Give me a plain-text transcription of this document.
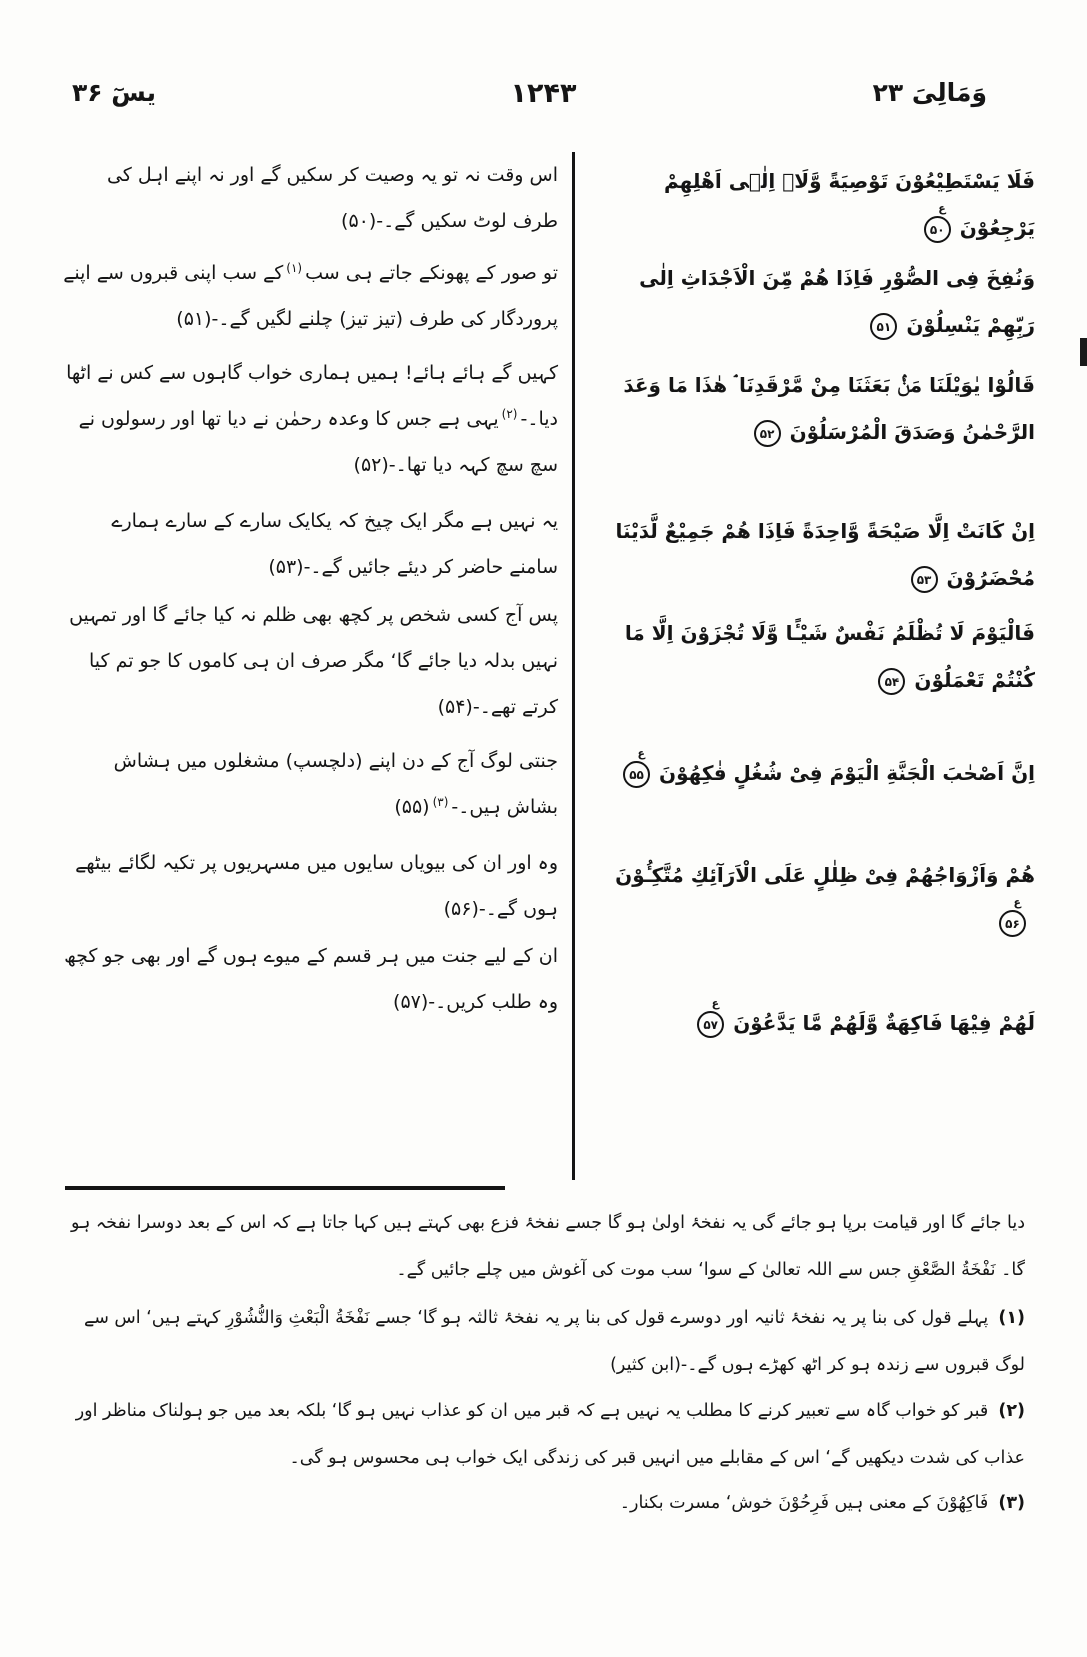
وَمَالِیَ ۲۳
۱۲۴۳
یسٓ ۳۶
فَلَا يَسْتَطِيْعُوْنَ تَوْصِيَةً وَّلَاۤ اِلٰۤى اَهْلِهِمْ يَرْجِعُوْنَ
ع
۵۰
وَنُفِخَ فِى الصُّوْرِ فَاِذَا هُمْ مِّنَ الْاَجْدَاثِ اِلٰى رَبِّهِمْ يَنْسِلُوْنَ
۵۱
قَالُوْا يٰوَيْلَنَا مَنْۢ بَعَثَنَا مِنْ مَّرْقَدِنَا ۘ هٰذَا مَا وَعَدَ الرَّحْمٰنُ وَصَدَقَ الْمُرْسَلُوْنَ
۵۲
اِنْ كَانَتْ اِلَّا صَيْحَةً وَّاحِدَةً فَاِذَا هُمْ جَمِيْعٌ لَّدَيْنَا مُحْضَرُوْنَ
۵۳
فَالْيَوْمَ لَا تُظْلَمُ نَفْسٌ شَيْـًٔا وَّلَا تُجْزَوْنَ اِلَّا مَا كُنْتُمْ تَعْمَلُوْنَ
۵۴
اِنَّ اَصْحٰبَ الْجَنَّةِ الْيَوْمَ فِىْ شُغُلٍ فٰكِهُوْنَ
ع
۵۵
هُمْ وَاَزْوَاجُهُمْ فِىْ ظِلٰلٍ عَلَى الْاَرَآئِكِ مُتَّكِـُٔوْنَ
ع
۵۶
لَهُمْ فِيْهَا فَاكِهَةٌ وَّلَهُمْ مَّا يَدَّعُوْنَ
ع
۵۷

اس وقت نہ تو یہ وصیت کر سکیں گے اور نہ اپنے اہل کی طرف لوٹ سکیں گے۔-(۵۰)

تو صور کے پھونکے جاتے ہی سب$^{(۱)}$کے سب اپنی قبروں سے اپنے پروردگار کی طرف (تیز تیز) چلنے لگیں گے۔-(۵۱)

کہیں گے ہائے ہائے! ہمیں ہماری خواب گاہوں سے کس نے اٹھا دیا۔-$^{(۲)}$یہی ہے جس کا وعدہ رحمٰن نے دیا تھا اور رسولوں نے سچ سچ کہہ دیا تھا۔-(۵۲)

یہ نہیں ہے مگر ایک چیخ کہ یکایک سارے کے سارے ہمارے سامنے حاضر کر دیئے جائیں گے۔-(۵۳)

پس آج کسی شخص پر کچھ بھی ظلم نہ کیا جائے گا اور تمہیں نہیں بدلہ دیا جائے گا‘ مگر صرف ان ہی کاموں کا جو تم کیا کرتے تھے۔-(۵۴)

جنتی لوگ آج کے دن اپنے (دلچسپ) مشغلوں میں ہشاش بشاش ہیں۔-$^{(۳)}$(۵۵)

وہ اور ان کی بیویاں سایوں میں مسہریوں پر تکیہ لگائے بیٹھے ہوں گے۔-(۵۶)

ان کے لیے جنت میں ہر قسم کے میوے ہوں گے اور بھی جو کچھ وہ طلب کریں۔-(۵۷)

دیا جائے گا اور قیامت برپا ہو جائے گی یہ نفخۂ اولیٰ ہو گا جسے نفخۂ فزع بھی کہتے ہیں کہا جاتا ہے کہ اس کے بعد دوسرا نفخہ ہو گا۔ نَفْخَةُ الصَّعْقِ جس سے اللہ تعالیٰ کے سوا‘ سب موت کی آغوش میں چلے جائیں گے۔

(۱)پہلے قول کی بنا پر یہ نفخۂ ثانیہ اور دوسرے قول کی بنا پر یہ نفخۂ ثالثہ ہو گا‘ جسے نَفْخَةُ الْبَعْثِ وَالنُّشُوْرِ کہتے ہیں‘ اس سے لوگ قبروں سے زندہ ہو کر اٹھ کھڑے ہوں گے۔-(ابن کثیر)

(۲)قبر کو خواب گاہ سے تعبیر کرنے کا مطلب یہ نہیں ہے کہ قبر میں ان کو عذاب نہیں ہو گا‘ بلکہ بعد میں جو ہولناک مناظر اور عذاب کی شدت دیکھیں گے‘ اس کے مقابلے میں انہیں قبر کی زندگی ایک خواب ہی محسوس ہو گی۔

(۳)فَاكِهُوْنَ کے معنی ہیں فَرِحُوْنَ خوش‘ مسرت بکنار۔
